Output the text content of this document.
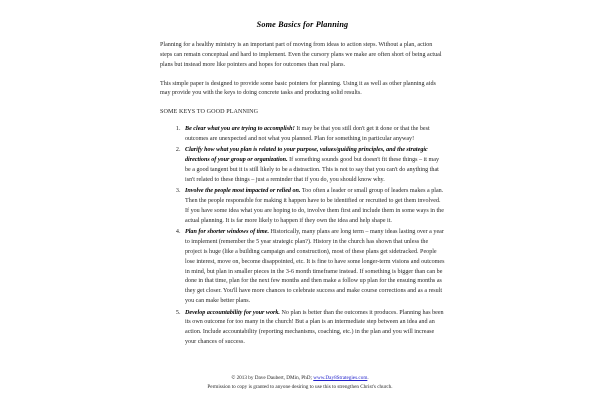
Some Basics for Planning

Planning for a healthy ministry is an important part of moving from ideas to action steps. Without a plan, action steps can remain conceptual and hard to implement. Even the cursory plans we make are often short of being actual plans but instead more like pointers and hopes for outcomes than real plans.

This simple paper is designed to provide some basic pointers for planning. Using it as well as other planning aids may provide you with the keys to doing concrete tasks and producing solid results.

SOME KEYS TO GOOD PLANNING
1. Be clear what you are trying to accomplish! It may be that you still don't get it done or that the best outcomes are unexpected and not what you planned. Plan for something in particular anyway!
2. Clarify how what you plan is related to your purpose, values/guiding principles, and the strategic directions of your group or organization. If something sounds good but doesn't fit these things – it may be a good tangent but it is still likely to be a distraction. This is not to say that you can't do anything that isn't related to these things – just a reminder that if you do, you should know why.
3. Involve the people most impacted or relied on. Too often a leader or small group of leaders makes a plan. Then the people responsible for making it happen have to be identified or recruited to get them involved. If you have some idea what you are hoping to do, involve them first and include them in some ways in the actual planning. It is far more likely to happen if they own the idea and help shape it.
4. Plan for shorter windows of time. Historically, many plans are long term – many ideas lasting over a year to implement (remember the 5 year strategic plan?). History in the church has shown that unless the project is huge (like a building campaign and construction), most of these plans get sidetracked. People lose interest, move on, become disappointed, etc. It is fine to have some longer-term visions and outcomes in mind, but plan in smaller pieces in the 3-6 month timeframe instead. If something is bigger than can be done in that time, plan for the next few months and then make a follow up plan for the ensuing months as they get closer. You'll have more chances to celebrate success and make course corrections and as a result you can make better plans.
5. Develop accountability for your work. No plan is better than the outcomes it produces. Planning has been its own outcome for too many in the church! But a plan is an intermediate step between an idea and an action. Include accountability (reporting mechanisms, coaching, etc.) in the plan and you will increase your chances of success.
© 2013 by Dave Daubert, DMin, PhD; www.Day8Strategies.com.
Permission to copy is granted to anyone desiring to use this to strengthen Christ's church.
